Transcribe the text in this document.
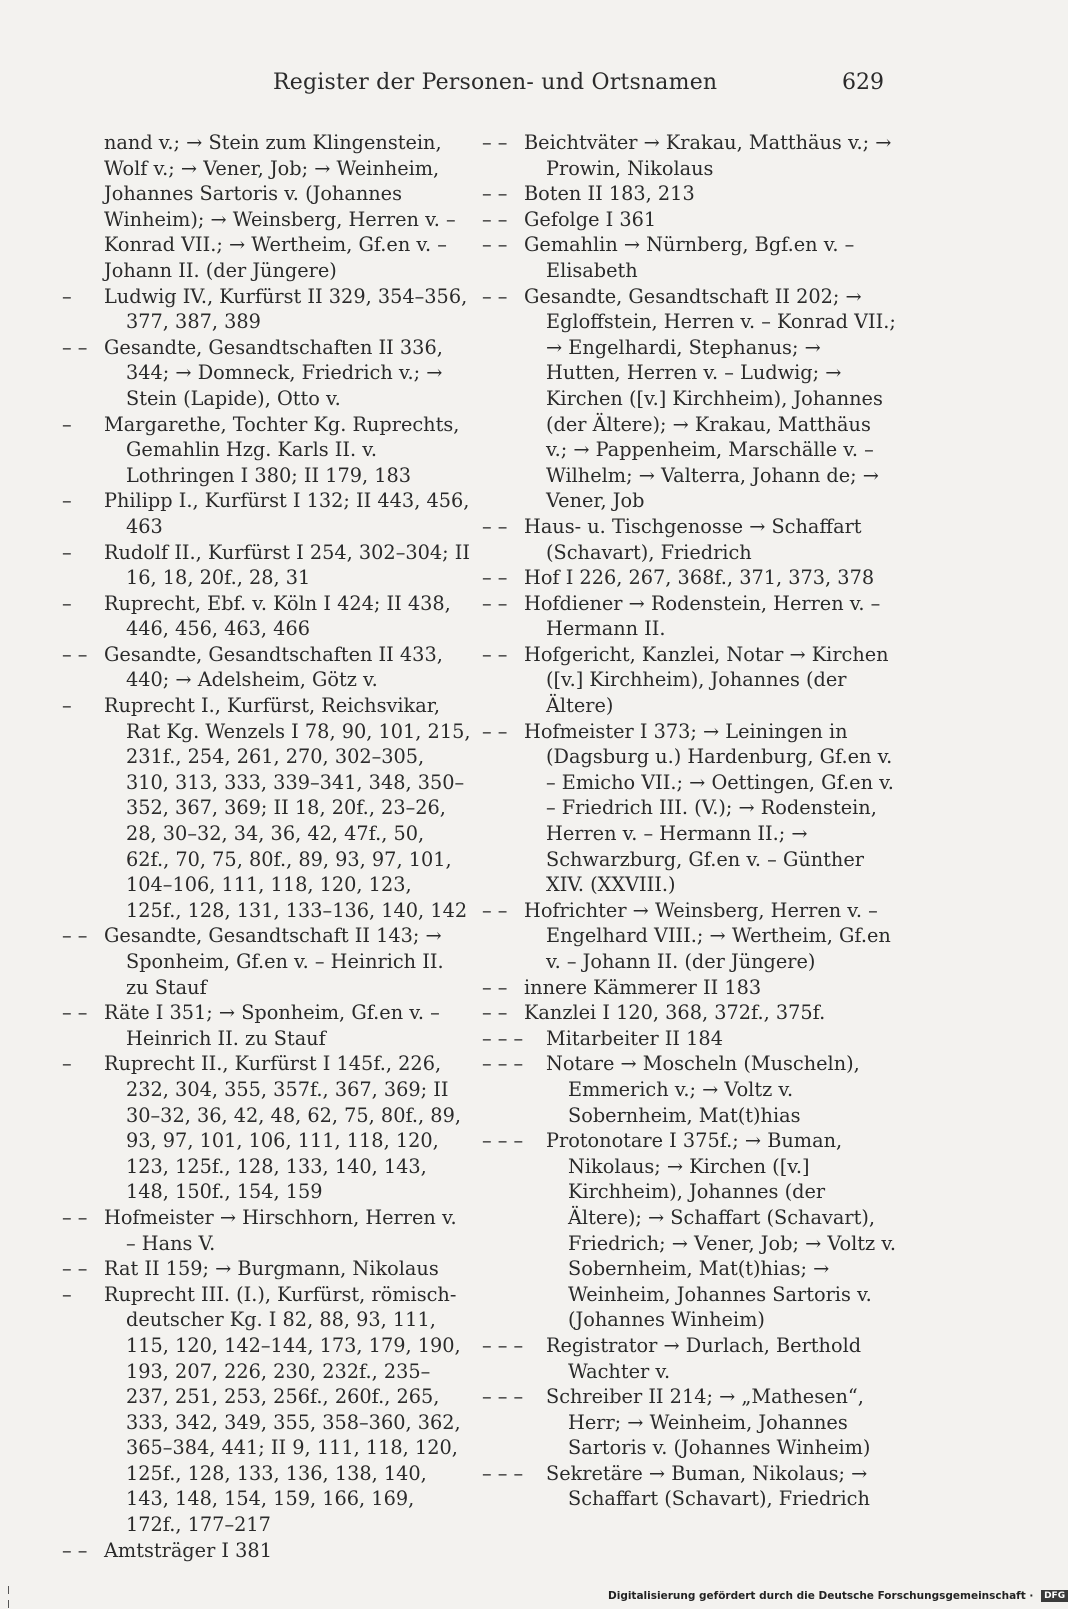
Register der Personen- und Ortsnamen	629
nand v.; → Stein zum Klingenstein, Wolf v.; → Vener, Job; → Weinheim, Johannes Sartoris v. (Johannes Winheim); → Weinsberg, Herren v. – Konrad VII.; → Wertheim, Gf.en v. – Johann II. (der Jüngere)
– Ludwig IV., Kurfürst II 329, 354–356, 377, 387, 389
– – Gesandte, Gesandtschaften II 336, 344; → Domneck, Friedrich v.; → Stein (Lapide), Otto v.
– Margarethe, Tochter Kg. Ruprechts, Gemahlin Hzg. Karls II. v. Lothringen I 380; II 179, 183
– Philipp I., Kurfürst I 132; II 443, 456, 463
– Rudolf II., Kurfürst I 254, 302–304; II 16, 18, 20f., 28, 31
– Ruprecht, Ebf. v. Köln I 424; II 438, 446, 456, 463, 466
– – Gesandte, Gesandtschaften II 433, 440; → Adelsheim, Götz v.
– Ruprecht I., Kurfürst, Reichsvikar, Rat Kg. Wenzels I 78, 90, 101, 215, 231f., 254, 261, 270, 302–305, 310, 313, 333, 339–341, 348, 350–352, 367, 369; II 18, 20f., 23–26, 28, 30–32, 34, 36, 42, 47f., 50, 62f., 70, 75, 80f., 89, 93, 97, 101, 104–106, 111, 118, 120, 123, 125f., 128, 131, 133–136, 140, 142
– – Gesandte, Gesandtschaft II 143; → Sponheim, Gf.en v. – Heinrich II. zu Stauf
– – Räte I 351; → Sponheim, Gf.en v. – Heinrich II. zu Stauf
– Ruprecht II., Kurfürst I 145f., 226, 232, 304, 355, 357f., 367, 369; II 30–32, 36, 42, 48, 62, 75, 80f., 89, 93, 97, 101, 106, 111, 118, 120, 123, 125f., 128, 133, 140, 143, 148, 150f., 154, 159
– – Hofmeister → Hirschhorn, Herren v. – Hans V.
– – Rat II 159; → Burgmann, Nikolaus
– Ruprecht III. (I.), Kurfürst, römisch-deutscher Kg. I 82, 88, 93, 111, 115, 120, 142–144, 173, 179, 190, 193, 207, 226, 230, 232f., 235–237, 251, 253, 256f., 260f., 265, 333, 342, 349, 355, 358–360, 362, 365–384, 441; II 9, 111, 118, 120, 125f., 128, 133, 136, 138, 140, 143, 148, 154, 159, 166, 169, 172f., 177–217
– – Amtsträger I 381
– – Beichtväter → Krakau, Matthäus v.; → Prowin, Nikolaus
– – Boten II 183, 213
– – Gefolge I 361
– – Gemahlin → Nürnberg, Bgf.en v. – Elisabeth
– – Gesandte, Gesandtschaft II 202; → Egloffstein, Herren v. – Konrad VII.; → Engelhardi, Stephanus; → Hutten, Herren v. – Ludwig; → Kirchen ([v.] Kirchheim), Johannes (der Ältere); → Krakau, Matthäus v.; → Pappenheim, Marschälle v. – Wilhelm; → Valterra, Johann de; → Vener, Job
– – Haus- u. Tischgenosse → Schaffart (Schavart), Friedrich
– – Hof I 226, 267, 368f., 371, 373, 378
– – Hofdiener → Rodenstein, Herren v. – Hermann II.
– – Hofgericht, Kanzlei, Notar → Kirchen ([v.] Kirchheim), Johannes (der Ältere)
– – Hofmeister I 373; → Leiningen in (Dagsburg u.) Hardenburg, Gf.en v. – Emicho VII.; → Oettingen, Gf.en v. – Friedrich III. (V.); → Rodenstein, Herren v. – Hermann II.; → Schwarzburg, Gf.en v. – Günther XIV. (XXVIII.)
– – Hofrichter → Weinsberg, Herren v. – Engelhard VIII.; → Wertheim, Gf.en v. – Johann II. (der Jüngere)
– – innere Kämmerer II 183
– – Kanzlei I 120, 368, 372f., 375f.
– – – Mitarbeiter II 184
– – – Notare → Moscheln (Muscheln), Emmerich v.; → Voltz v. Sobernheim, Mat(t)hias
– – – Protonotare I 375f.; → Buman, Nikolaus; → Kirchen ([v.] Kirchheim), Johannes (der Ältere); → Schaffart (Schavart), Friedrich; → Vener, Job; → Voltz v. Sobernheim, Mat(t)hias; → Weinheim, Johannes Sartoris v. (Johannes Winheim)
– – – Registrator → Durlach, Berthold Wachter v.
– – – Schreiber II 214; → „Mathesen“, Herr; → Weinheim, Johannes Sartoris v. (Johannes Winheim)
– – – Sekretäre → Buman, Nikolaus; → Schaffart (Schavart), Friedrich
Digitalisierung gefördert durch die Deutsche Forschungsgemeinschaft · DFG
